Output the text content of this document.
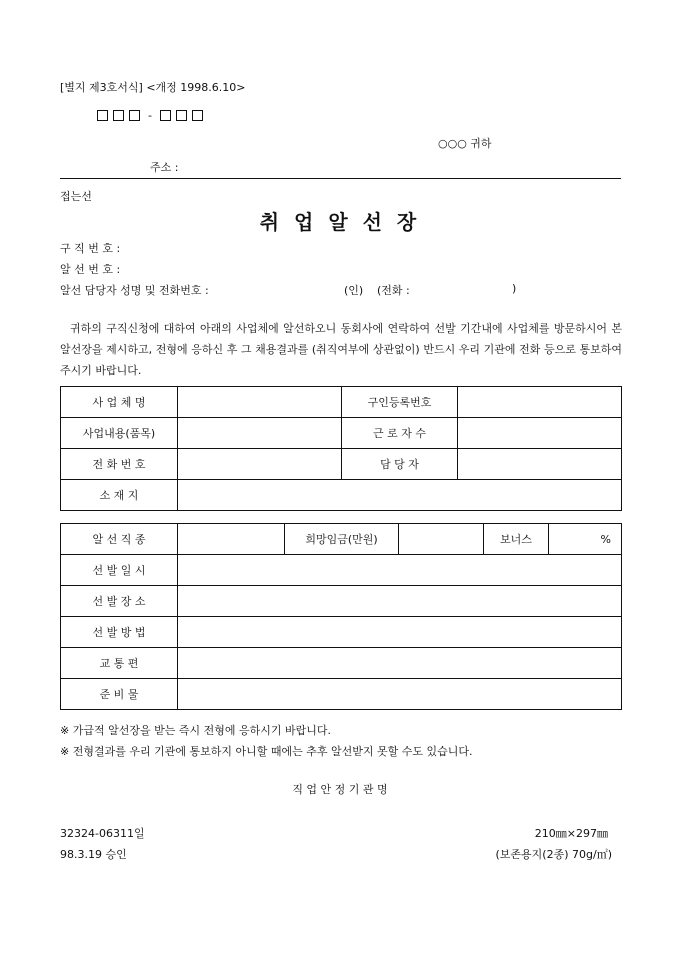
[별지 제3호서식] <개정 1998.6.10>
-
○○○ 귀하
주소 :
접는선
취 업 알 선 장
구 직 번 호 :
알 선 번 호 :
알선 담당자 성명 및 전화번호 :	(인) (전화 :	)
귀하의 구직신청에 대하여 아래의 사업체에 알선하오니 동회사에 연락하여 선발 기간내에 사업체를 방문하시어 본 알선장을 제시하고, 전형에 응하신 후 그 채용결과를 (취직여부에 상관없이) 반드시 우리 기관에 전화 등으로 통보하여 주시기 바랍니다.
사 업 체 명		구인등록번호	
사업내용(품목)		근 로 자 수	
전 화 번 호		담 당 자	
소 재 지			
알 선 직 종		희망임금(만원)		보너스	%
선 발 일 시					
선 발 장 소					
선 발 방 법					
교 통 편					
준 비 물					
※ 가급적 알선장을 받는 즉시 전형에 응하시기 바랍니다.
※ 전형결과를 우리 기관에 통보하지 아니할 때에는 추후 알선받지 못할 수도 있습니다.
직 업 안 정 기 관 명
32324-06311일
98.3.19 승인
210㎜×297㎜
(보존용지(2종) 70g/㎡)
